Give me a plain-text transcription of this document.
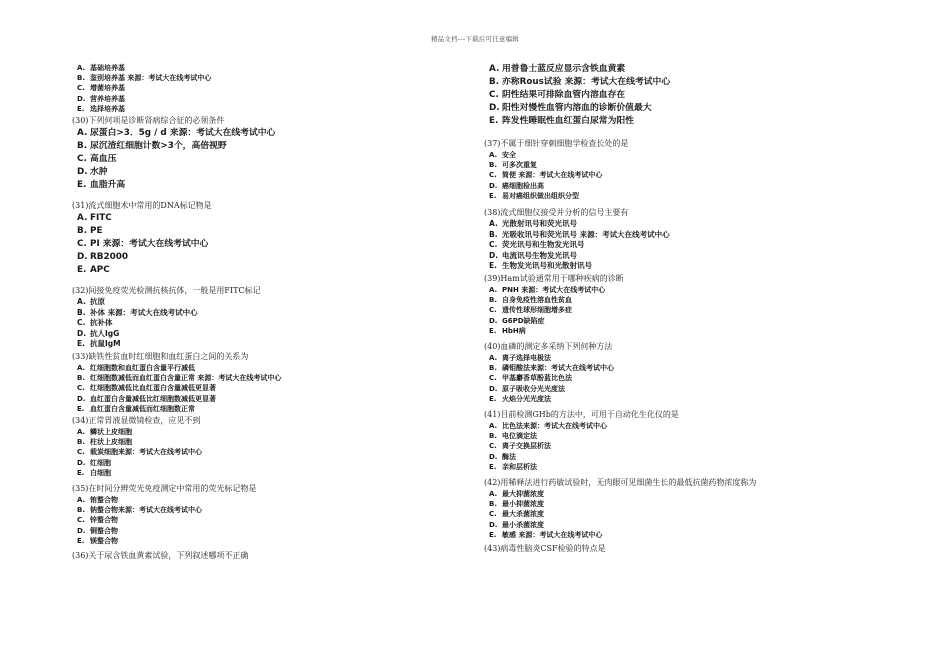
精品文档---下载后可任意编辑
A. 基础培养基
B. 鉴别培养基 来源：考试大在线考试中心
C. 增菌培养基
D. 营养培养基
E. 选择培养基
(30)下列何项是诊断肾病综合征的必须条件
A. 尿蛋白>3．5g / d 来源：考试大在线考试中心
B. 尿沉渣红细胞计数>3个，高倍视野
C. 高血压
D. 水肿
E. 血脂升高
(31)流式细胞术中常用的DNA标记物是
A. FITC
B. PE
C. PI 来源：考试大在线考试中心
D. RB2000
E. APC
(32)间接免疫荧光检测抗核抗体，一般是用FITC标记
A. 抗原
B. 补体 来源：考试大在线考试中心
C. 抗补体
D. 抗人IgG
E. 抗鼠IgM
(33)缺铁性贫血时红细胞和血红蛋白之间的关系为
A. 红细胞数和血红蛋白含量平行减低
B. 红细胞数减低而血红蛋白含量正常 来源：考试大在线考试中心
C. 红细胞数减低比血红蛋白含量减低更显著
D. 血红蛋白含量减低比红细胞数减低更显著
E. 血红蛋白含量减低而红细胞数正常
(34)正常胃液显微镜检查，应见不到
A. 鳞状上皮细胞
B. 柱状上皮细胞
C. 载炭细胞来源：考试大在线考试中心
D. 红细胞
E. 白细胞
(35)在时间分辨荧光免疫测定中常用的荧光标记物是
A. 铕螯合物
B. 钠螯合物来源：考试大在线考试中心
C. 锌螯合物
D. 铜螯合物
E. 镁螯合物
(36)关于尿含铁血黄素试验，下列叙述哪项不正确
A. 用普鲁士蓝反应显示含铁血黄素
B. 亦称Rous试验 来源：考试大在线考试中心
C. 阴性结果可排除血管内溶血存在
D. 阳性对慢性血管内溶血的诊断价值最大
E. 阵发性睡眠性血红蛋白尿常为阳性
(37)不属于细针穿刺细胞学检查长处的是
A. 安全
B. 可多次重复
C. 简便 来源：考试大在线考试中心
D. 癌细胞检出高
E. 易对癌组织做出组织分型
(38)流式细胞仪接受并分析的信号主要有
A. 光散射讯号和荧光讯号
B. 光吸收讯号和荧光讯号 来源：考试大在线考试中心
C. 荧光讯号和生物发光讯号
D. 电流讯号生物发光讯号
E. 生物发光讯号和光散射讯号
(39)Ham试验通常用于哪种疾病的诊断
A. PNH 来源：考试大在线考试中心
B. 自身免疫性溶血性贫血
C. 遗传性球形细胞增多症
D. G6PD缺陷症
E. HbH病
(40)血磷的测定多采纳下列何种方法
A. 离子选择电极法
B. 磷钼酸法来源：考试大在线考试中心
C. 甲基麝香草酚蓝比色法
D. 原子吸收分光光度法
E. 火焰分光光度法
(41)目前检测GHb的方法中，可用于自动化生化仪的是
A. 比色法来源：考试大在线考试中心
B. 电位滴定法
C. 离子交换层析法
D. 酶法
E. 亲和层析法
(42)用稀释法进行药敏试验时，无肉眼可见细菌生长的最低抗菌药物浓度称为
A. 最大抑菌浓度
B. 最小抑菌浓度
C. 最大杀菌浓度
D. 最小杀菌浓度
E. 敏感 来源：考试大在线考试中心
(43)病毒性脑炎CSF检验的特点是
